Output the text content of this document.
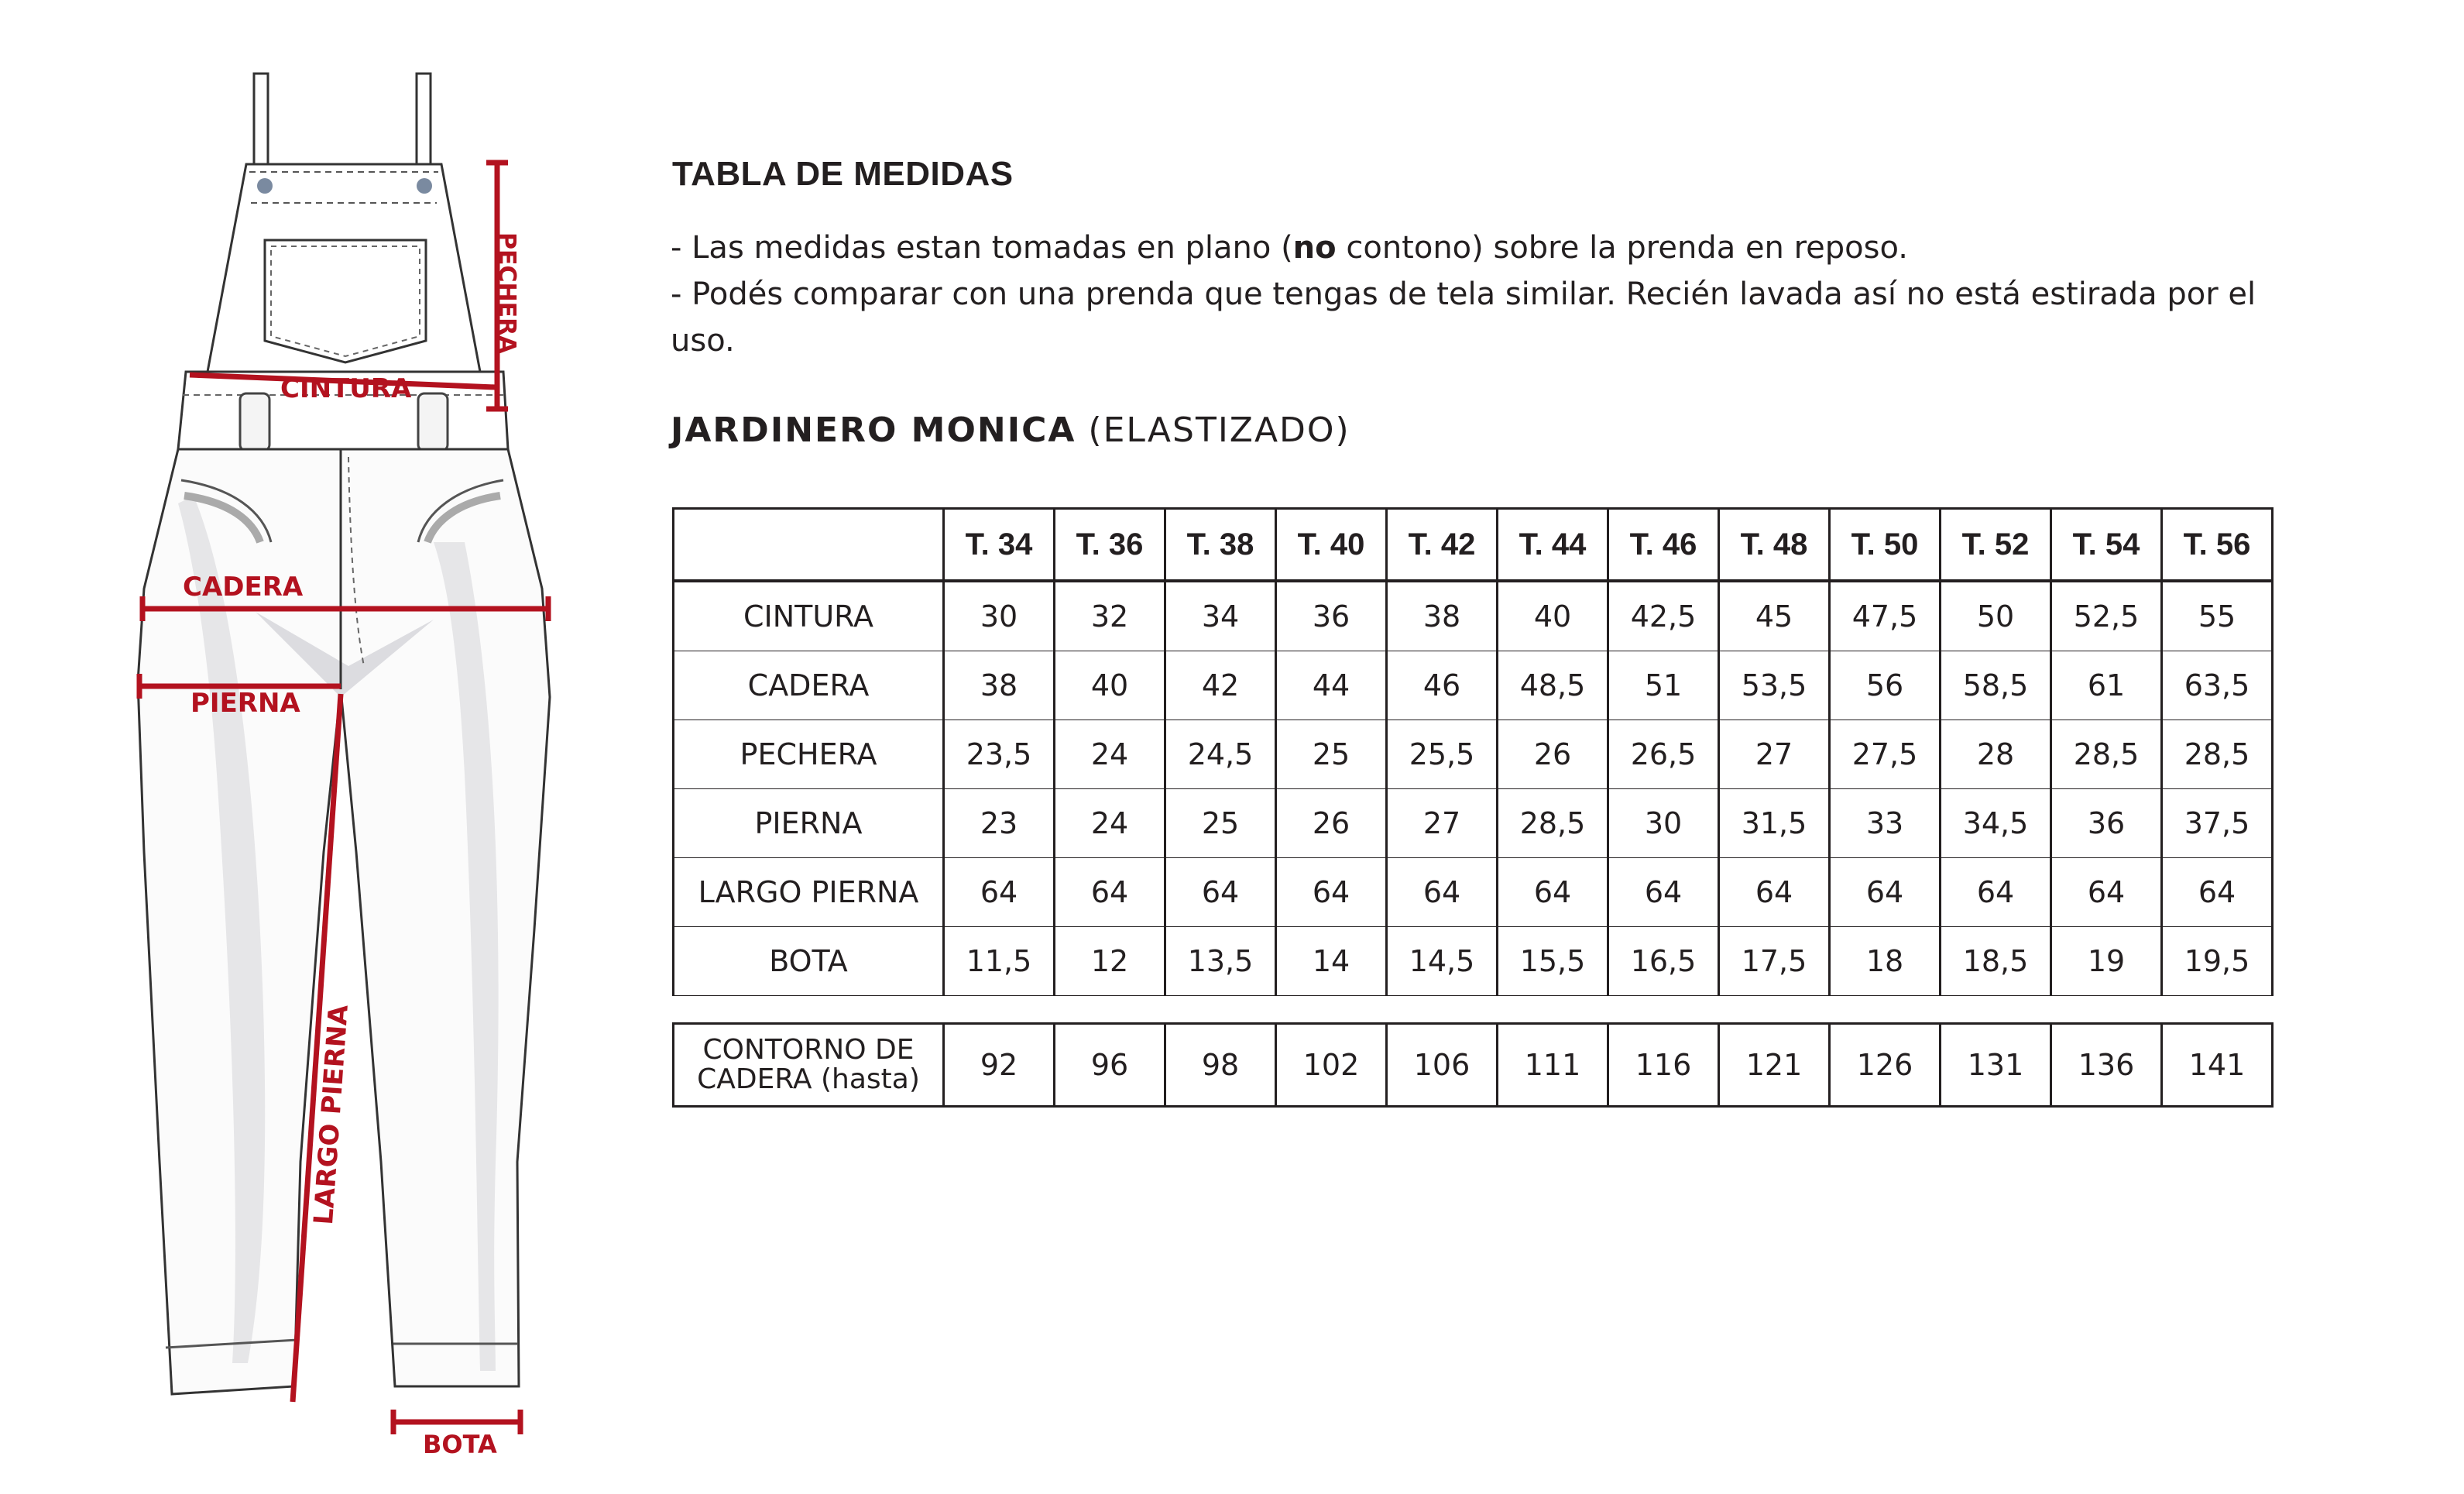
PECHERA
CINTURA
CADERA
PIERNA
LARGO PIERNA
BOTA
TABLA DE MEDIDAS

- Las medidas estan tomadas en plano (no contono) sobre la prenda en reposo.

- Podés comparar con una prenda que tengas de tela similar. Recién lavada así no está estirada por el uso.

JARDINERO MONICA (ELASTIZADO)
	T. 34	T. 36	T. 38	T. 40	T. 42	T. 44	T. 46	T. 48	T. 50	T. 52	T. 54	T. 56
CINTURA	30	32	34	36	38	40	42,5	45	47,5	50	52,5	55
CADERA	38	40	42	44	46	48,5	51	53,5	56	58,5	61	63,5
PECHERA	23,5	24	24,5	25	25,5	26	26,5	27	27,5	28	28,5	28,5
PIERNA	23	24	25	26	27	28,5	30	31,5	33	34,5	36	37,5
LARGO PIERNA	64	64	64	64	64	64	64	64	64	64	64	64
BOTA	11,5	12	13,5	14	14,5	15,5	16,5	17,5	18	18,5	19	19,5
CONTORNO DE
CADERA (hasta)	92	96	98	102	106	111	116	121	126	131	136	141
